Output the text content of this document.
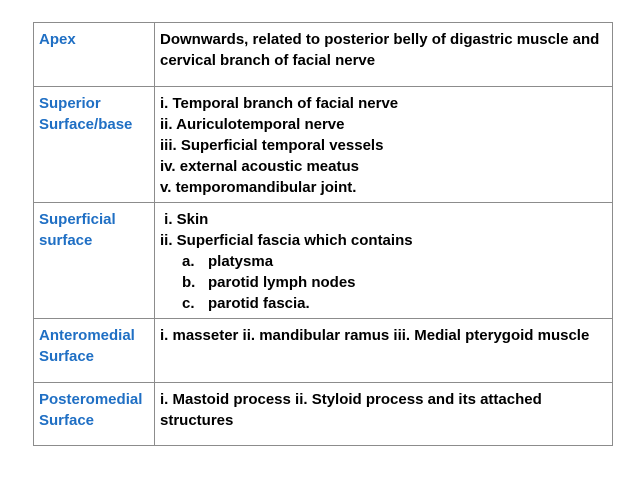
Apex	Downwards, related to posterior belly of digastric muscle and cervical branch of facial nerve

Superior
Surface/base	i. Temporal branch of facial nerve
ii. Auriculotemporal nerve
iii. Superficial temporal vessels
iv. external acoustic meatus
v. temporomandibular joint.

Superficial
surface	i. Skin
ii. Superficial fascia which contains
a. platysma
b. parotid lymph nodes
c. parotid fascia.

Anteromedial
Surface	i. masseter ii. mandibular ramus iii. Medial pterygoid muscle

Posteromedial
Surface	i. Mastoid process ii. Styloid process and its attached structures
